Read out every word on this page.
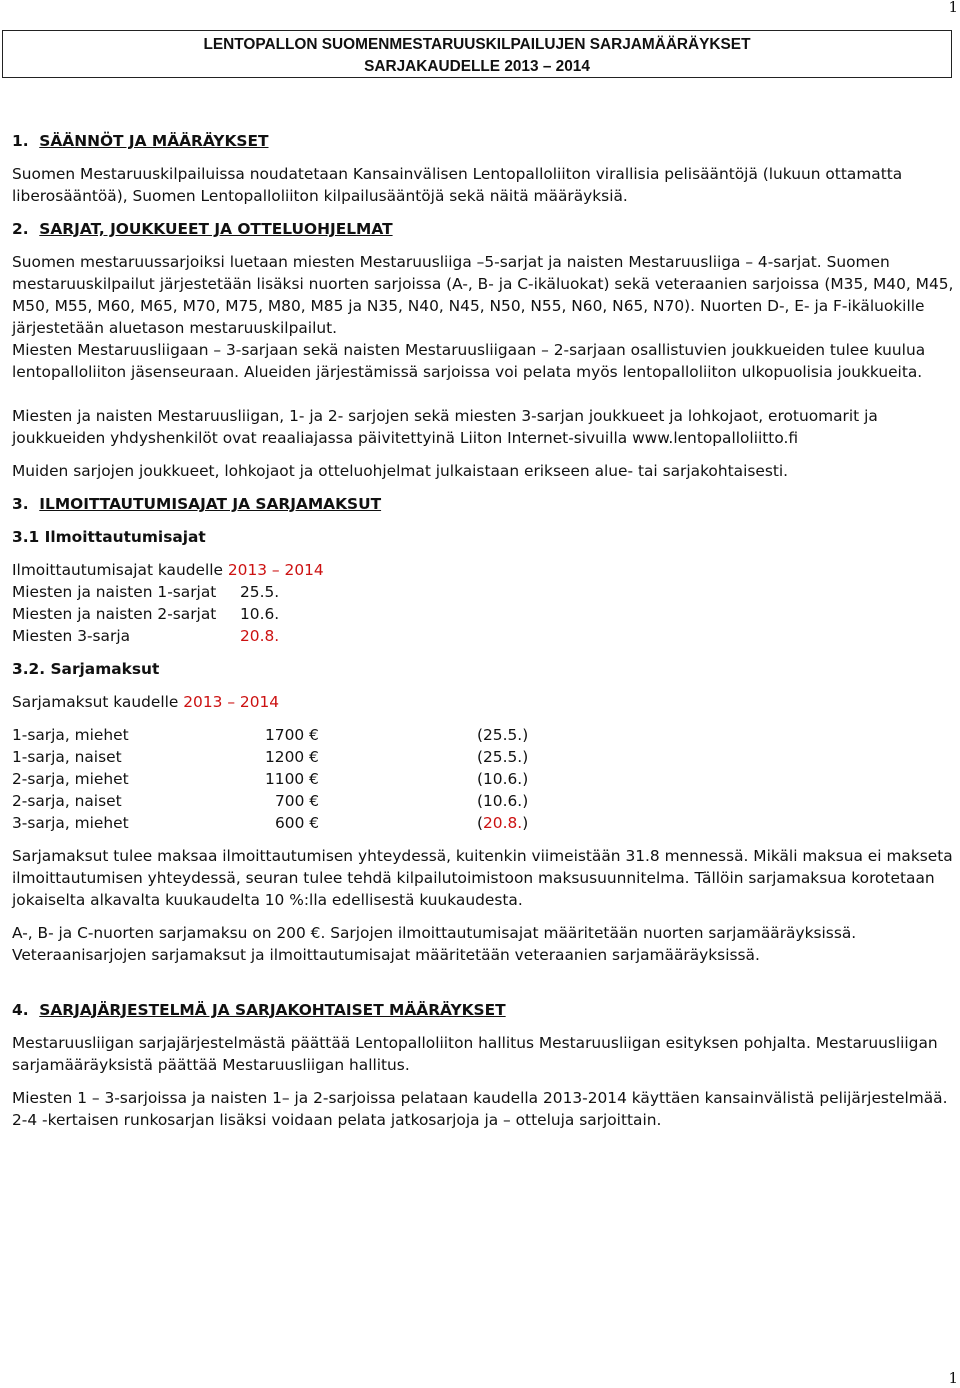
1
LENTOPALLON SUOMENMESTARUUSKILPAILUJEN SARJAMÄÄRÄYKSET
SARJAKAUDELLE 2013 – 2014

1. SÄÄNNÖT JA MÄÄRÄYKSET

Suomen Mestaruuskilpailuissa noudatetaan Kansainvälisen Lentopalloliiton virallisia pelisääntöjä (lukuun ottamatta liberosääntöä), Suomen Lentopalloliiton kilpailusääntöjä sekä näitä määräyksiä.

2. SARJAT, JOUKKUEET JA OTTELUOHJELMAT

Suomen mestaruussarjoiksi luetaan miesten Mestaruusliiga –5-sarjat ja naisten Mestaruusliiga – 4-sarjat. Suomen mestaruuskilpailut järjestetään lisäksi nuorten sarjoissa (A-, B- ja C-ikäluokat) sekä veteraanien sarjoissa (M35, M40, M45, M50, M55, M60, M65, M70, M75, M80, M85 ja N35, N40, N45, N50, N55, N60, N65, N70). Nuorten D-, E- ja F-ikäluokille järjestetään aluetason mestaruuskilpailut.

Miesten Mestaruusliigaan – 3-sarjaan sekä naisten Mestaruusliigaan – 2-sarjaan osallistuvien joukkueiden tulee kuulua lentopalloliiton jäsenseuraan. Alueiden järjestämissä sarjoissa voi pelata myös lentopalloliiton ulkopuolisia joukkueita.

Miesten ja naisten Mestaruusliigan, 1- ja 2- sarjojen sekä miesten 3-sarjan joukkueet ja lohkojaot, erotuomarit ja joukkueiden yhdyshenkilöt ovat reaaliajassa päivitettyinä Liiton Internet-sivuilla www.lentopalloliitto.fi

Muiden sarjojen joukkueet, lohkojaot ja otteluohjelmat julkaistaan erikseen alue- tai sarjakohtaisesti.

3. ILMOITTAUTUMISAJAT JA SARJAMAKSUT

3.1 Ilmoittautumisajat

Ilmoittautumisajat kaudelle 2013 – 2014

Miesten ja naisten 1-sarjat	25.5.
Miesten ja naisten 2-sarjat	10.6.
Miesten 3-sarja	20.8.

3.2. Sarjamaksut

Sarjamaksut kaudelle 2013 – 2014

1-sarja, miehet	1700 €	( 25.5. )
1-sarja, naiset	1200 €	( 25.5. )
2-sarja, miehet	1100 €	( 10.6. )
2-sarja, naiset	700 €	( 10.6. )
3-sarja, miehet	600 €	( 20.8. )

Sarjamaksut tulee maksaa ilmoittautumisen yhteydessä, kuitenkin viimeistään 31.8 mennessä. Mikäli maksua ei makseta ilmoittautumisen yhteydessä, seuran tulee tehdä kilpailutoimistoon maksusuunnitelma. Tällöin sarjamaksua korotetaan jokaiselta alkavalta kuukaudelta 10 %:lla edellisestä kuukaudesta.

A-, B- ja C-nuorten sarjamaksu on 200 €. Sarjojen ilmoittautumisajat määritetään nuorten sarjamääräyksissä. Veteraanisarjojen sarjamaksut ja ilmoittautumisajat määritetään veteraanien sarjamääräyksissä.

4. SARJAJÄRJESTELMÄ JA SARJAKOHTAISET MÄÄRÄYKSET

Mestaruusliigan sarjajärjestelmästä päättää Lentopalloliiton hallitus Mestaruusliigan esityksen pohjalta. Mestaruusliigan sarjamääräyksistä päättää Mestaruusliigan hallitus.

Miesten 1 – 3-sarjoissa ja naisten 1– ja 2-sarjoissa pelataan kaudella 2013-2014 käyttäen kansainvälistä pelijärjestelmää. 2-4 -kertaisen runkosarjan lisäksi voidaan pelata jatkosarjoja ja – otteluja sarjoittain.

1
